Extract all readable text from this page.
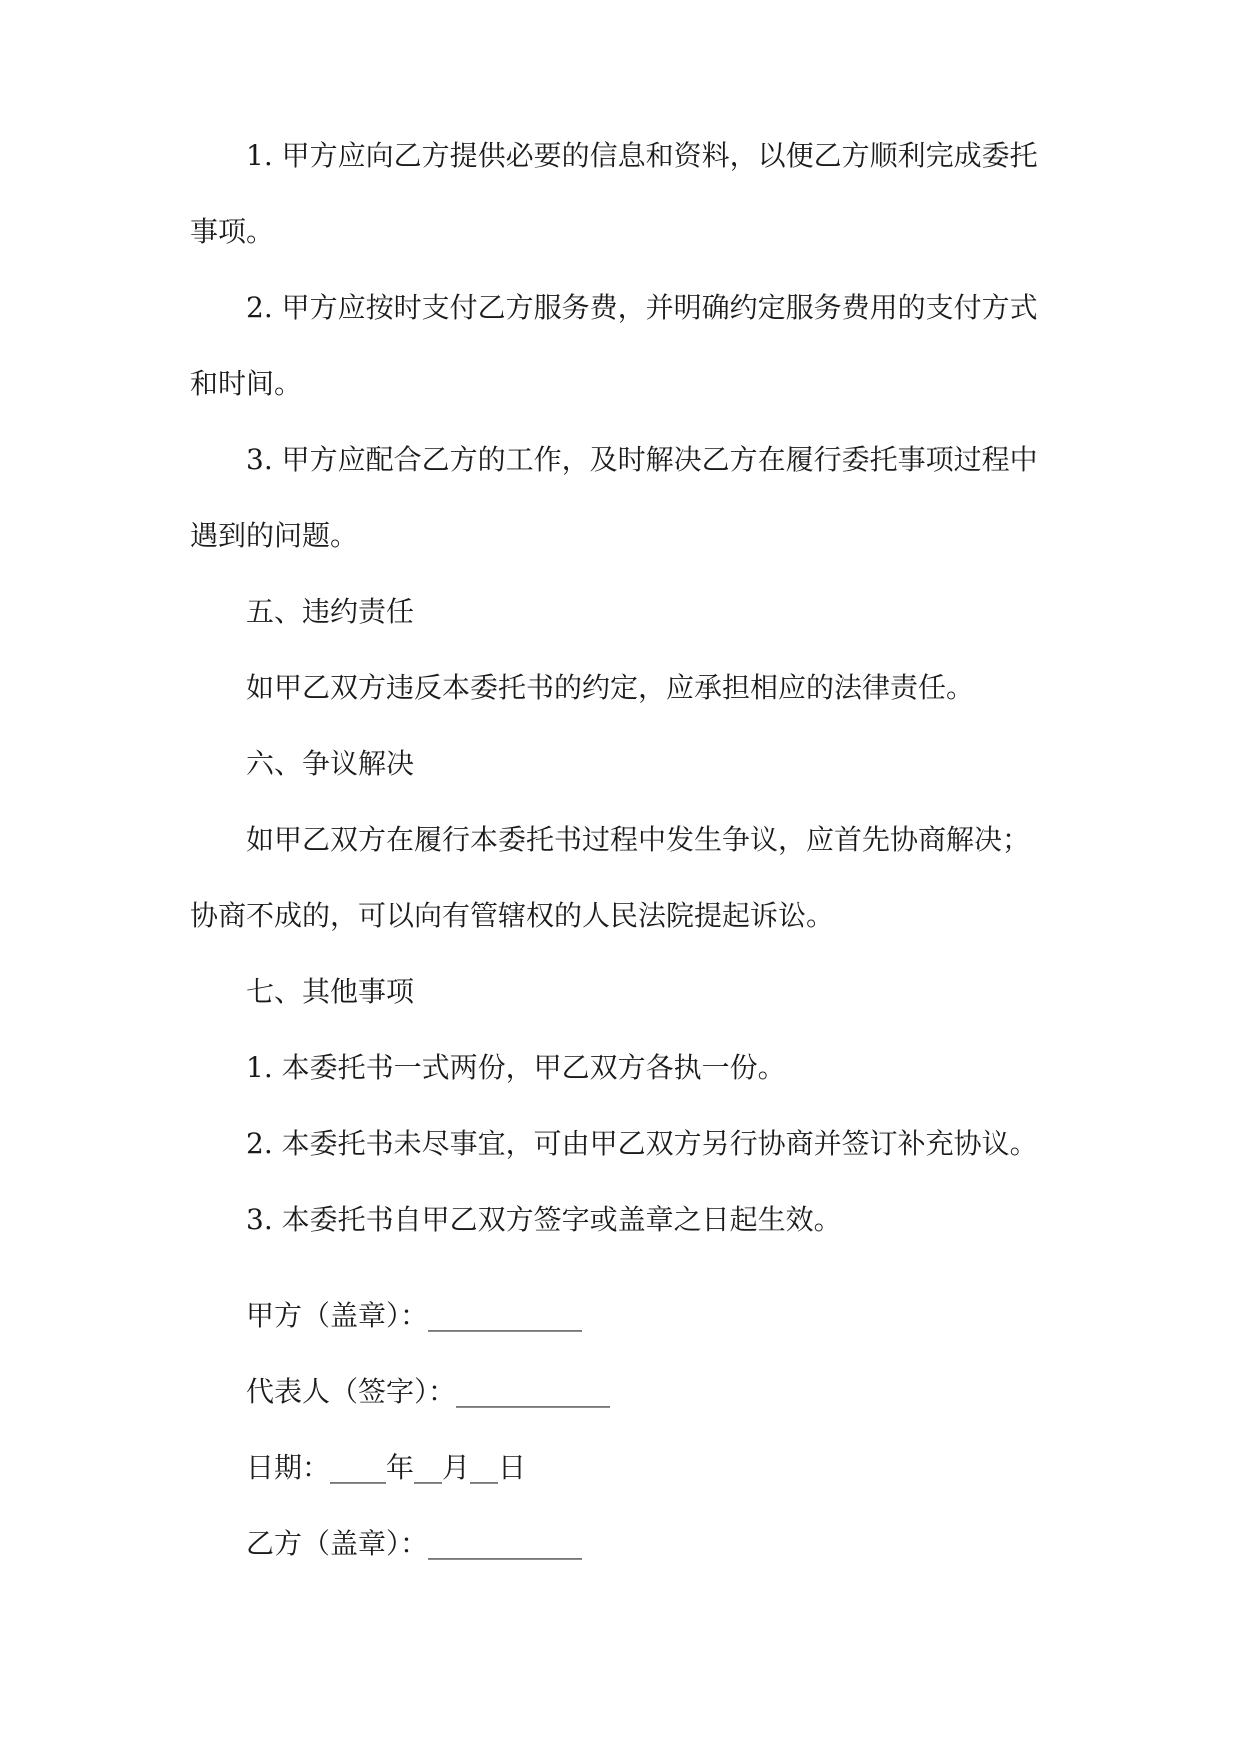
1. 甲方应向乙方提供必要的信息和资料，以便乙方顺利完成委托事项。

2. 甲方应按时支付乙方服务费，并明确约定服务费用的支付方式和时间。

3. 甲方应配合乙方的工作，及时解决乙方在履行委托事项过程中遇到的问题。

五、违约责任

如甲乙双方违反本委托书的约定，应承担相应的法律责任。

六、争议解决

如甲乙双方在履行本委托书过程中发生争议，应首先协商解决；协商不成的，可以向有管辖权的人民法院提起诉讼。

七、其他事项

1. 本委托书一式两份，甲乙双方各执一份。

2. 本委托书未尽事宜，可由甲乙双方另行协商并签订补充协议。

3. 本委托书自甲乙双方签字或盖章之日起生效。

甲方（盖章）：___________

代表人（签字）：___________

日期：____年__月__日

乙方（盖章）：___________
